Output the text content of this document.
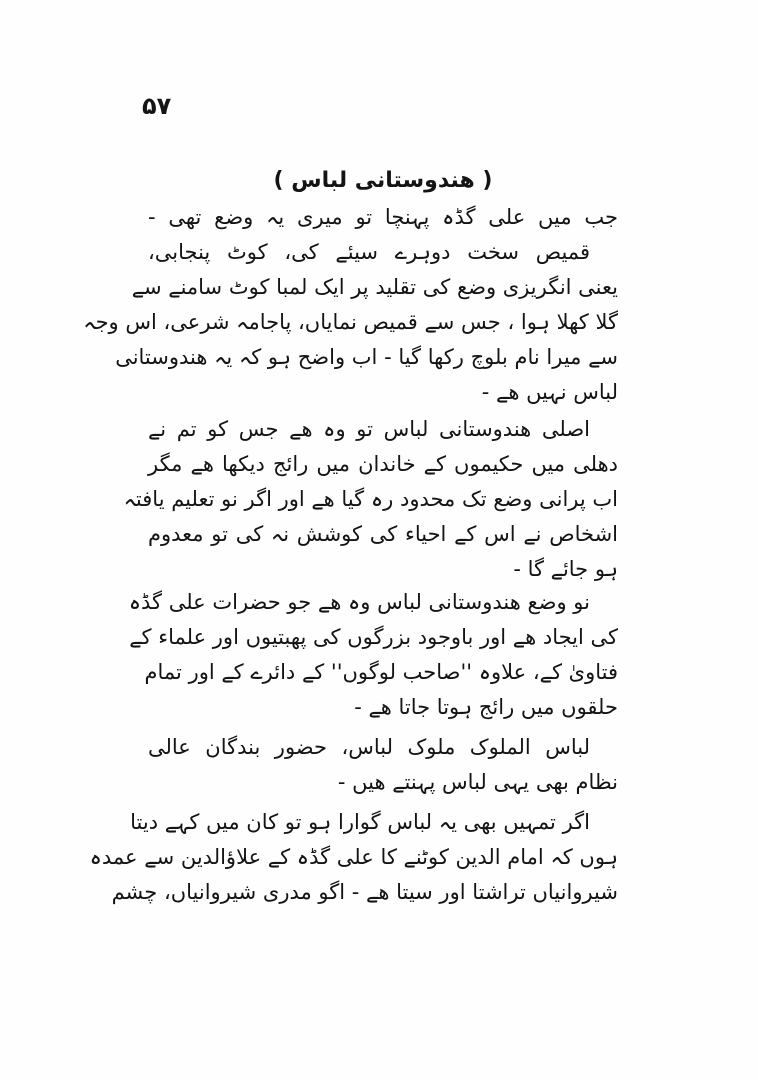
۵۷
( ھندوستانی لباس )
جب میں علی گڈہ پہنچا تو میری یہ وضع تھی -
قمیص سخت دوہرے سیئے کی، کوٹ پنجابی،
یعنی انگریزی وضع کی تقلید پر ایک لمبا کوٹ سامنے سے
گلا کھلا ہوا ، جس سے قمیص نمایاں، پاجامہ شرعی، اس وجہ
سے میرا نام بلوچ رکھا گیا - اب واضح ہو کہ یہ ھندوستانی
لباس نہیں ھے -
اصلی ھندوستانی لباس تو وہ ھے جس کو تم نے
دھلی میں حکیموں کے خاندان میں رائج دیکھا ھے مگر
اب پرانی وضع تک محدود رہ گیا ھے اور اگر نو تعلیم یافتہ
اشخاص نے اس کے احیاء کی کوشش نہ کی تو معدوم
ہو جائے گا -
نو وضع ھندوستانی لباس وہ ھے جو حضرات علی گڈہ
کی ایجاد ھے اور باوجود بزرگوں کی پھبتیوں اور علماء کے
فتاویٰ کے، علاوہ ''صاحب لوگوں'' کے دائرے کے اور تمام
حلقوں میں رائج ہوتا جاتا ھے -
لباس الملوک ملوک لباس، حضور بندگان عالی
نظام بھی یہی لباس پہنتے ھیں -
اگر تمہیں بھی یہ لباس گوارا ہو تو کان میں کہے دیتا
ہوں کہ امام الدین کوٹنے کا علی گڈہ کے علاؤالدین سے عمدہ
شیروانیاں تراشتا اور سیتا ھے - اگو مدری شیروانیاں، چشم
